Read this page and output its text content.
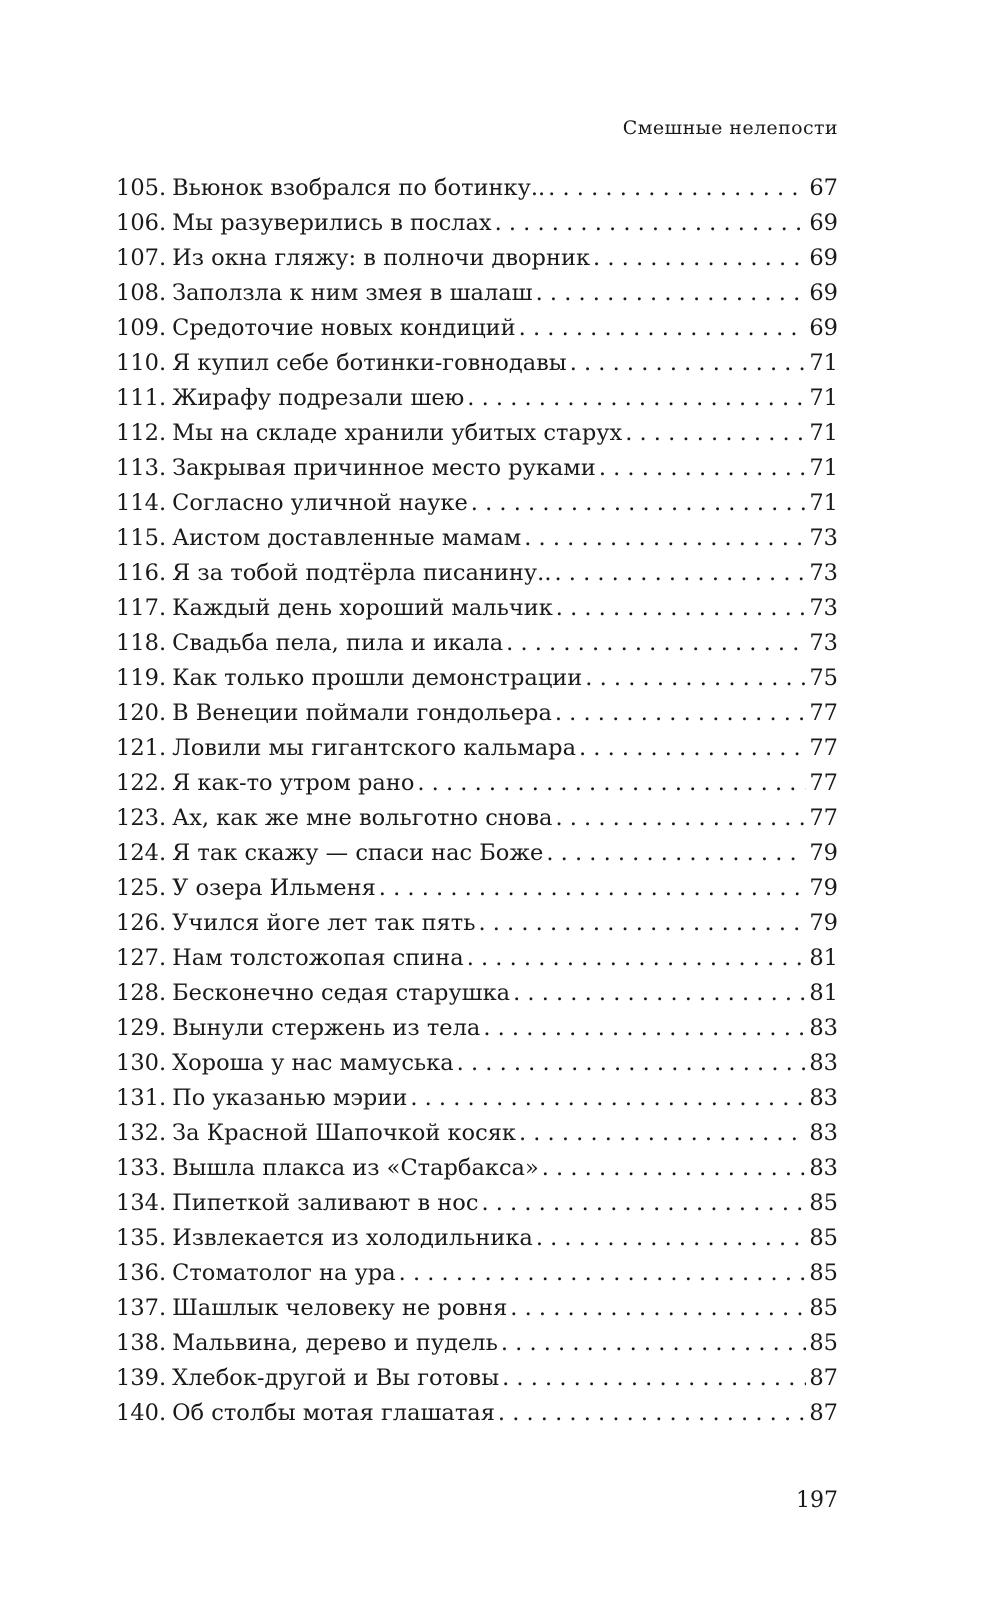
Смешные нелепости
105. Вьюнок взобрался по ботинку.. . . .	67
106. Мы разуверились в послах . . .	69
107. Из окна гляжу: в полночи дворник . . .	69
108. Заползла к ним змея в шалаш . . .	69
109. Средоточие новых кондиций . . .	69
110. Я купил себе ботинки-говнодавы . . .	71
111. Жирафу подрезали шею . . .	71
112. Мы на складе хранили убитых старух . . .	71
113. Закрывая причинное место руками . . .	71
114. Согласно уличной науке . . .	71
115. Аистом доставленные мамам . . .	73
116. Я за тобой подтёрла писанину.. . . .	73
117. Каждый день хороший мальчик . . .	73
118. Свадьба пела, пила и икала . . .	73
119. Как только прошли демонстрации . . .	75
120. В Венеции поймали гондольера . . .	77
121. Ловили мы гигантского кальмара . . .	77
122. Я как-то утром рано . . .	77
123. Ах, как же мне вольготно снова . . .	77
124. Я так скажу — спаси нас Боже . . .	79
125. У озера Ильменя . . .	79
126. Учился йоге лет так пять . . .	79
127. Нам толстожопая спина . . .	81
128. Бесконечно седая старушка . . .	81
129. Вынули стержень из тела . . .	83
130. Хороша у нас мамуська . . .	83
131. По указанью мэрии . . .	83
132. За Красной Шапочкой косяк . . .	83
133. Вышла плакса из «Старбакса» . . .	83
134. Пипеткой заливают в нос . . .	85
135. Извлекается из холодильника . . .	85
136. Стоматолог на ура . . .	85
137. Шашлык человеку не ровня . . .	85
138. Мальвина, дерево и пудель . . .	85
139. Хлебок-другой и Вы готовы . . .	87
140. Об столбы мотая глашатая . . .	87
197
